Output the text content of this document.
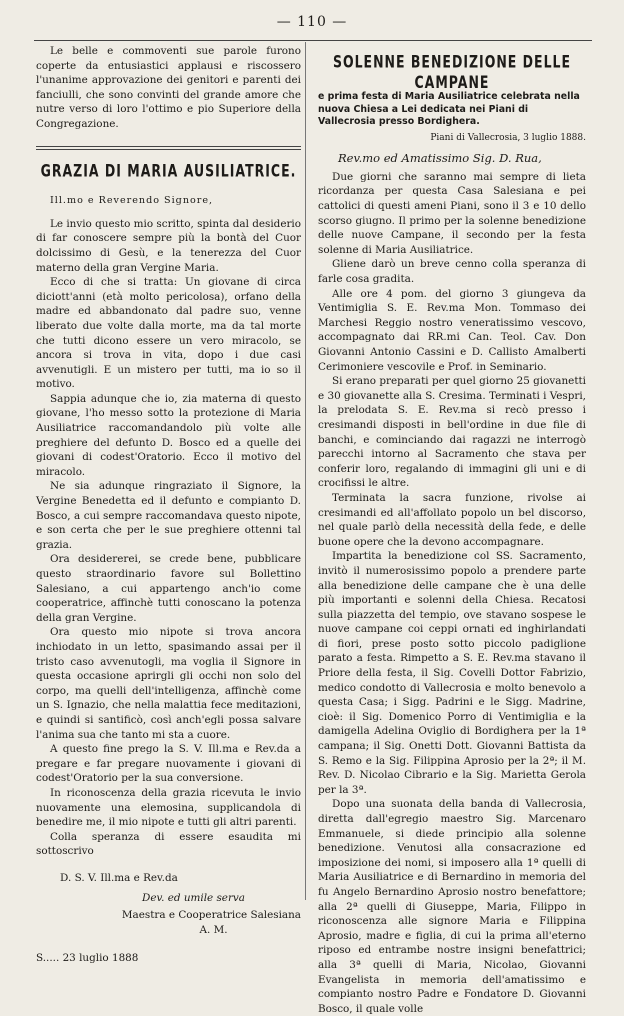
— 110 —

Le belle e commoventi sue parole furono coperte da entusiastici applausi e riscossero l'unanime approvazione dei genitori e parenti dei fanciulli, che sono convinti del grande amore che nutre verso di loro l'ottimo e pio Superiore della Congregazione.

GRAZIA DI MARIA AUSILIATRICE.

Ill.mo e Reverendo Signore,

Le invio questo mio scritto, spinta dal desiderio di far conoscere sempre più la bontà del Cuor dolcissimo di Gesù, e la tenerezza del Cuor materno della gran Vergine Maria.

Ecco di che si tratta: Un giovane di circa diciott'anni (età molto pericolosa), orfano della madre ed abbandonato dal padre suo, venne liberato due volte dalla morte, ma da tal morte che tutti dicono essere un vero miracolo, se ancora si trova in vita, dopo i due casi avvenutigli. E un mistero per tutti, ma io so il motivo.

Sappia adunque che io, zia materna di questo giovane, l'ho messo sotto la protezione di Maria Ausiliatrice raccomandandolo più volte alle preghiere del defunto D. Bosco ed a quelle dei giovani di codest'Oratorio. Ecco il motivo del miracolo.

Ne sia adunque ringraziato il Signore, la Vergine Benedetta ed il defunto e compianto D. Bosco, a cui sempre raccomandava questo nipote, e son certa che per le sue preghiere ottenni tal grazia.

Ora desidererei, se crede bene, pubblicare questo straordinario favore sul Bollettino Salesiano, a cui appartengo anch'io come cooperatrice, affinchè tutti conoscano la potenza della gran Vergine.

Ora questo mio nipote si trova ancora inchiodato in un letto, spasimando assai per il tristo caso avvenutogli, ma voglia il Signore in questa occasione aprirgli gli occhi non solo del corpo, ma quelli dell'intelligenza, affinchè come un S. Ignazio, che nella malattia fece meditazioni, e quindi si santificò, così anch'egli possa salvare l'anima sua che tanto mi sta a cuore.

A questo fine prego la S. V. Ill.ma e Rev.da a pregare e far pregare nuovamente i giovani di codest'Oratorio per la sua conversione.

In riconoscenza della grazia ricevuta le invio nuovamente una elemosina, supplicandola di benedire me, il mio nipote e tutti gli altri parenti.

Colla speranza di essere esaudita mi sottoscrivo

D. S. V. Ill.ma e Rev.da

Dev. ed umile serva

Maestra e Cooperatrice Salesiana

A. M.

S..... 23 luglio 1888

SOLENNE BENEDIZIONE DELLE CAMPANE

e prima festa di Maria Ausiliatrice celebrata nella nuova Chiesa a Lei dedicata nei Piani di Vallecrosia presso Bordighera.

Piani di Vallecrosia, 3 luglio 1888.

Rev.mo ed Amatissimo Sig. D. Rua,

Due giorni che saranno mai sempre di lieta ricordanza per questa Casa Salesiana e pei cattolici di questi ameni Piani, sono il 3 e 10 dello scorso giugno. Il primo per la solenne benedizione delle nuove Campane, il secondo per la festa solenne di Maria Ausiliatrice.

Gliene darò un breve cenno colla speranza di farle cosa gradita.

Alle ore 4 pom. del giorno 3 giungeva da Ventimiglia S. E. Rev.ma Mon. Tommaso dei Marchesi Reggio nostro veneratissimo vescovo, accompagnato dai RR.mi Can. Teol. Cav. Don Giovanni Antonio Cassini e D. Callisto Amalberti Cerimoniere vescovile e Prof. in Seminario.

Si erano preparati per quel giorno 25 giovanetti e 30 giovanette alla S. Cresima. Terminati i Vespri, la prelodata S. E. Rev.ma si recò presso i cresimandi disposti in bell'ordine in due file di banchi, e cominciando dai ragazzi ne interrogò parecchi intorno al Sacramento che stava per conferir loro, regalando di immagini gli uni e di crocifissi le altre.

Terminata la sacra funzione, rivolse ai cresimandi ed all'affollato popolo un bel discorso, nel quale parlò della necessità della fede, e delle buone opere che la devono accompagnare.

Impartita la benedizione col SS. Sacramento, invitò il numerosissimo popolo a prendere parte alla benedizione delle campane che è una delle più importanti e solenni della Chiesa. Recatosi sulla piazzetta del tempio, ove stavano sospese le nuove campane coi ceppi ornati ed inghirlandati di fiori, prese posto sotto piccolo padiglione parato a festa. Rimpetto a S. E. Rev.ma stavano il Priore della festa, il Sig. Covelli Dottor Fabrizio, medico condotto di Vallecrosia e molto benevolo a questa Casa; i Sigg. Padrini e le Sigg. Madrine, cioè: il Sig. Domenico Porro di Ventimiglia e la damigella Adelina Oviglio di Bordighera per la 1ª campana; il Sig. Onetti Dott. Giovanni Battista da S. Remo e la Sig. Filippina Aprosio per la 2ª; il M. Rev. D. Nicolao Cibrario e la Sig. Marietta Gerola per la 3ª.

Dopo una suonata della banda di Vallecrosia, diretta dall'egregio maestro Sig. Marcenaro Emmanuele, si diede principio alla solenne benedizione. Venutosi alla consacrazione ed imposizione dei nomi, si imposero alla 1ª quelli di Maria Ausiliatrice e di Bernardino in memoria del fu Angelo Bernardino Aprosio nostro benefattore; alla 2ª quelli di Giuseppe, Maria, Filippo in riconoscenza alle signore Maria e Filippina Aprosio, madre e figlia, di cui la prima all'eterno riposo ed entrambe nostre insigni benefattrici; alla 3ª quelli di Maria, Nicolao, Giovanni Evangelista in memoria dell'amatissimo e compianto nostro Padre e Fondatore D. Giovanni Bosco, il quale volle
